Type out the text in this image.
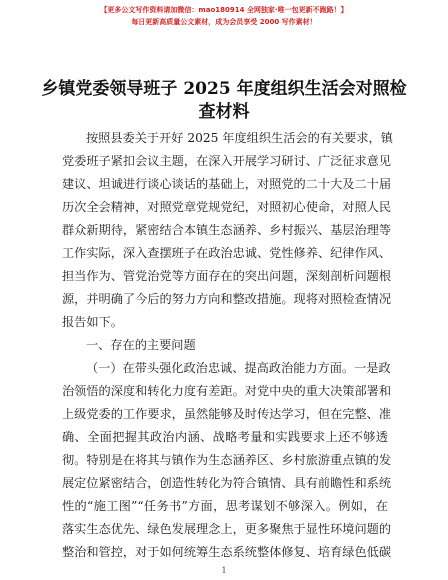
【更多公文写作资料请加微信：mao180914 全网独家·唯一包更新不跑路！】
每日更新高质量公文素材，成为会员享受 2000 写作素材！
乡镇党委领导班子 2025 年度组织生活会对照检
查材料
按照县委关于开好 2025 年度组织生活会的有关要求，镇
党委班子紧扣会议主题，在深入开展学习研讨、广泛征求意见
建议、坦诚进行谈心谈话的基础上，对照党的二十大及二十届
历次全会精神，对照党章党规党纪，对照初心使命，对照人民
群众新期待，紧密结合本镇生态涵养、乡村振兴、基层治理等
工作实际，深入查摆班子在政治忠诚、党性修养、纪律作风、
担当作为、管党治党等方面存在的突出问题，深刻剖析问题根
源，并明确了今后的努力方向和整改措施。现将对照检查情况
报告如下。
一、存在的主要问题
（一）在带头强化政治忠诚、提高政治能力方面。一是政
治领悟的深度和转化力度有差距。对党中央的重大决策部署和
上级党委的工作要求，虽然能够及时传达学习，但在完整、准
确、全面把握其政治内涵、战略考量和实践要求上还不够透
彻。特别是在将其与镇作为生态涵养区、乡村旅游重点镇的发
展定位紧密结合，创造性转化为符合镇情、具有前瞻性和系统
性的“施工图”“任务书”方面，思考谋划不够深入。例如，在
落实生态优先、绿色发展理念上，更多聚焦于显性环境问题的
整治和管控，对于如何统筹生态系统整体修复、培育绿色低碳
1
